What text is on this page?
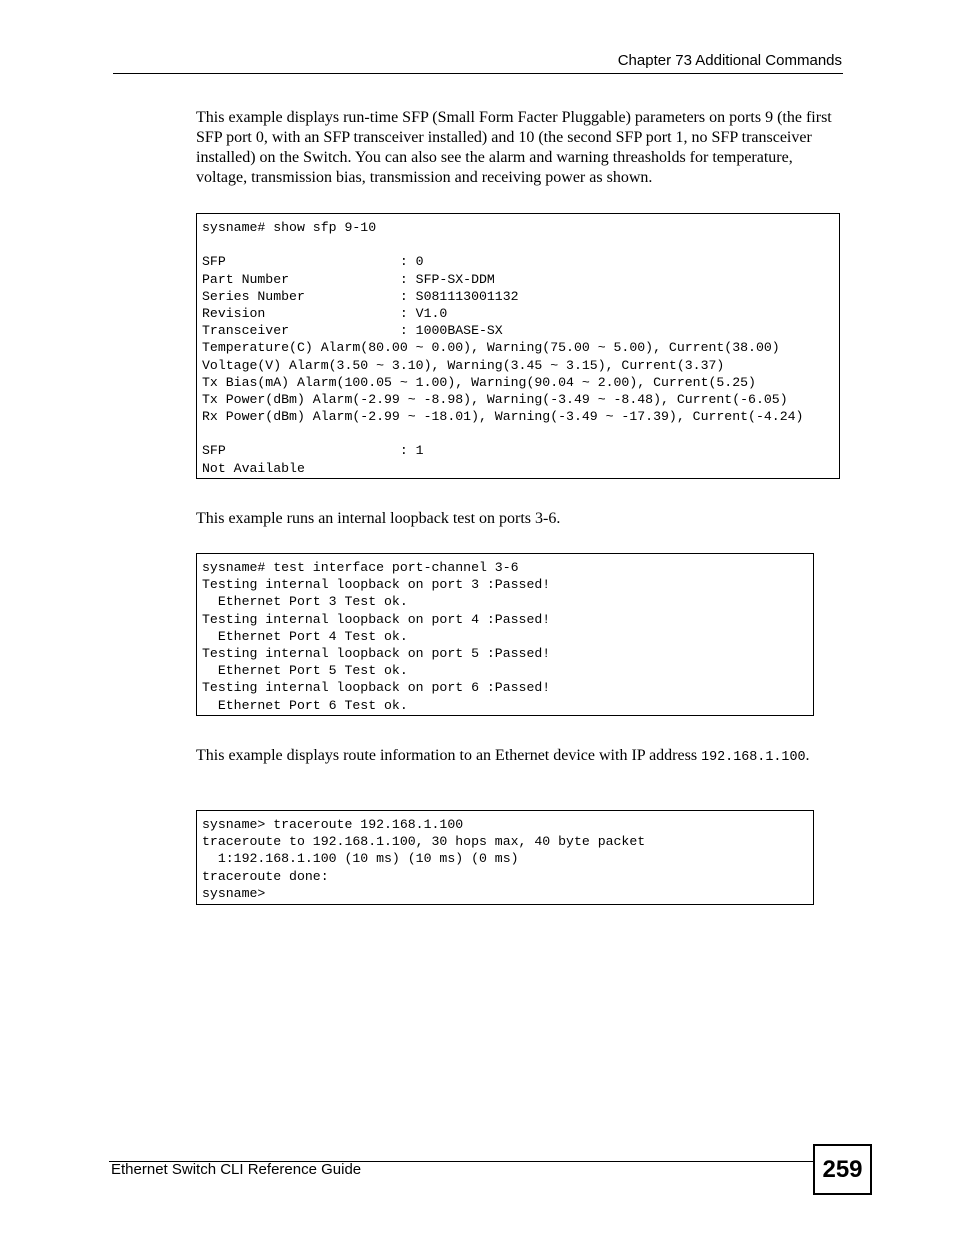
Chapter 73 Additional Commands

This example displays run-time SFP (Small Form Facter Pluggable) parameters on ports 9 (the first SFP port 0, with an SFP transceiver installed) and 10 (the second SFP port 1, no SFP transceiver installed) on the Switch. You can also see the alarm and warning threasholds for temperature, voltage, transmission bias, transmission and receiving power as shown.

sysname# show sfp 9-10
SFP                      : 0
Part Number              : SFP-SX-DDM
Series Number            : S081113001132
Revision                 : V1.0
Transceiver              : 1000BASE-SX
Temperature(C) Alarm(80.00 ~ 0.00), Warning(75.00 ~ 5.00), Current(38.00)
Voltage(V) Alarm(3.50 ~ 3.10), Warning(3.45 ~ 3.15), Current(3.37)
Tx Bias(mA) Alarm(100.05 ~ 1.00), Warning(90.04 ~ 2.00), Current(5.25)
Tx Power(dBm) Alarm(-2.99 ~ -8.98), Warning(-3.49 ~ -8.48), Current(-6.05)
Rx Power(dBm) Alarm(-2.99 ~ -18.01), Warning(-3.49 ~ -17.39), Current(-4.24)
SFP                      : 1
Not Available

This example runs an internal loopback test on ports 3-6.

sysname# test interface port-channel 3-6
Testing internal loopback on port 3 :Passed!
Ethernet Port 3 Test ok.
Testing internal loopback on port 4 :Passed!
Ethernet Port 4 Test ok.
Testing internal loopback on port 5 :Passed!
Ethernet Port 5 Test ok.
Testing internal loopback on port 6 :Passed!
Ethernet Port 6 Test ok.

This example displays route information to an Ethernet device with IP address 192.168.1.100.

sysname> traceroute 192.168.1.100
traceroute to 192.168.1.100, 30 hops max, 40 byte packet
1:192.168.1.100 (10 ms) (10 ms) (0 ms)
traceroute done:
sysname>
Ethernet Switch CLI Reference Guide	259
